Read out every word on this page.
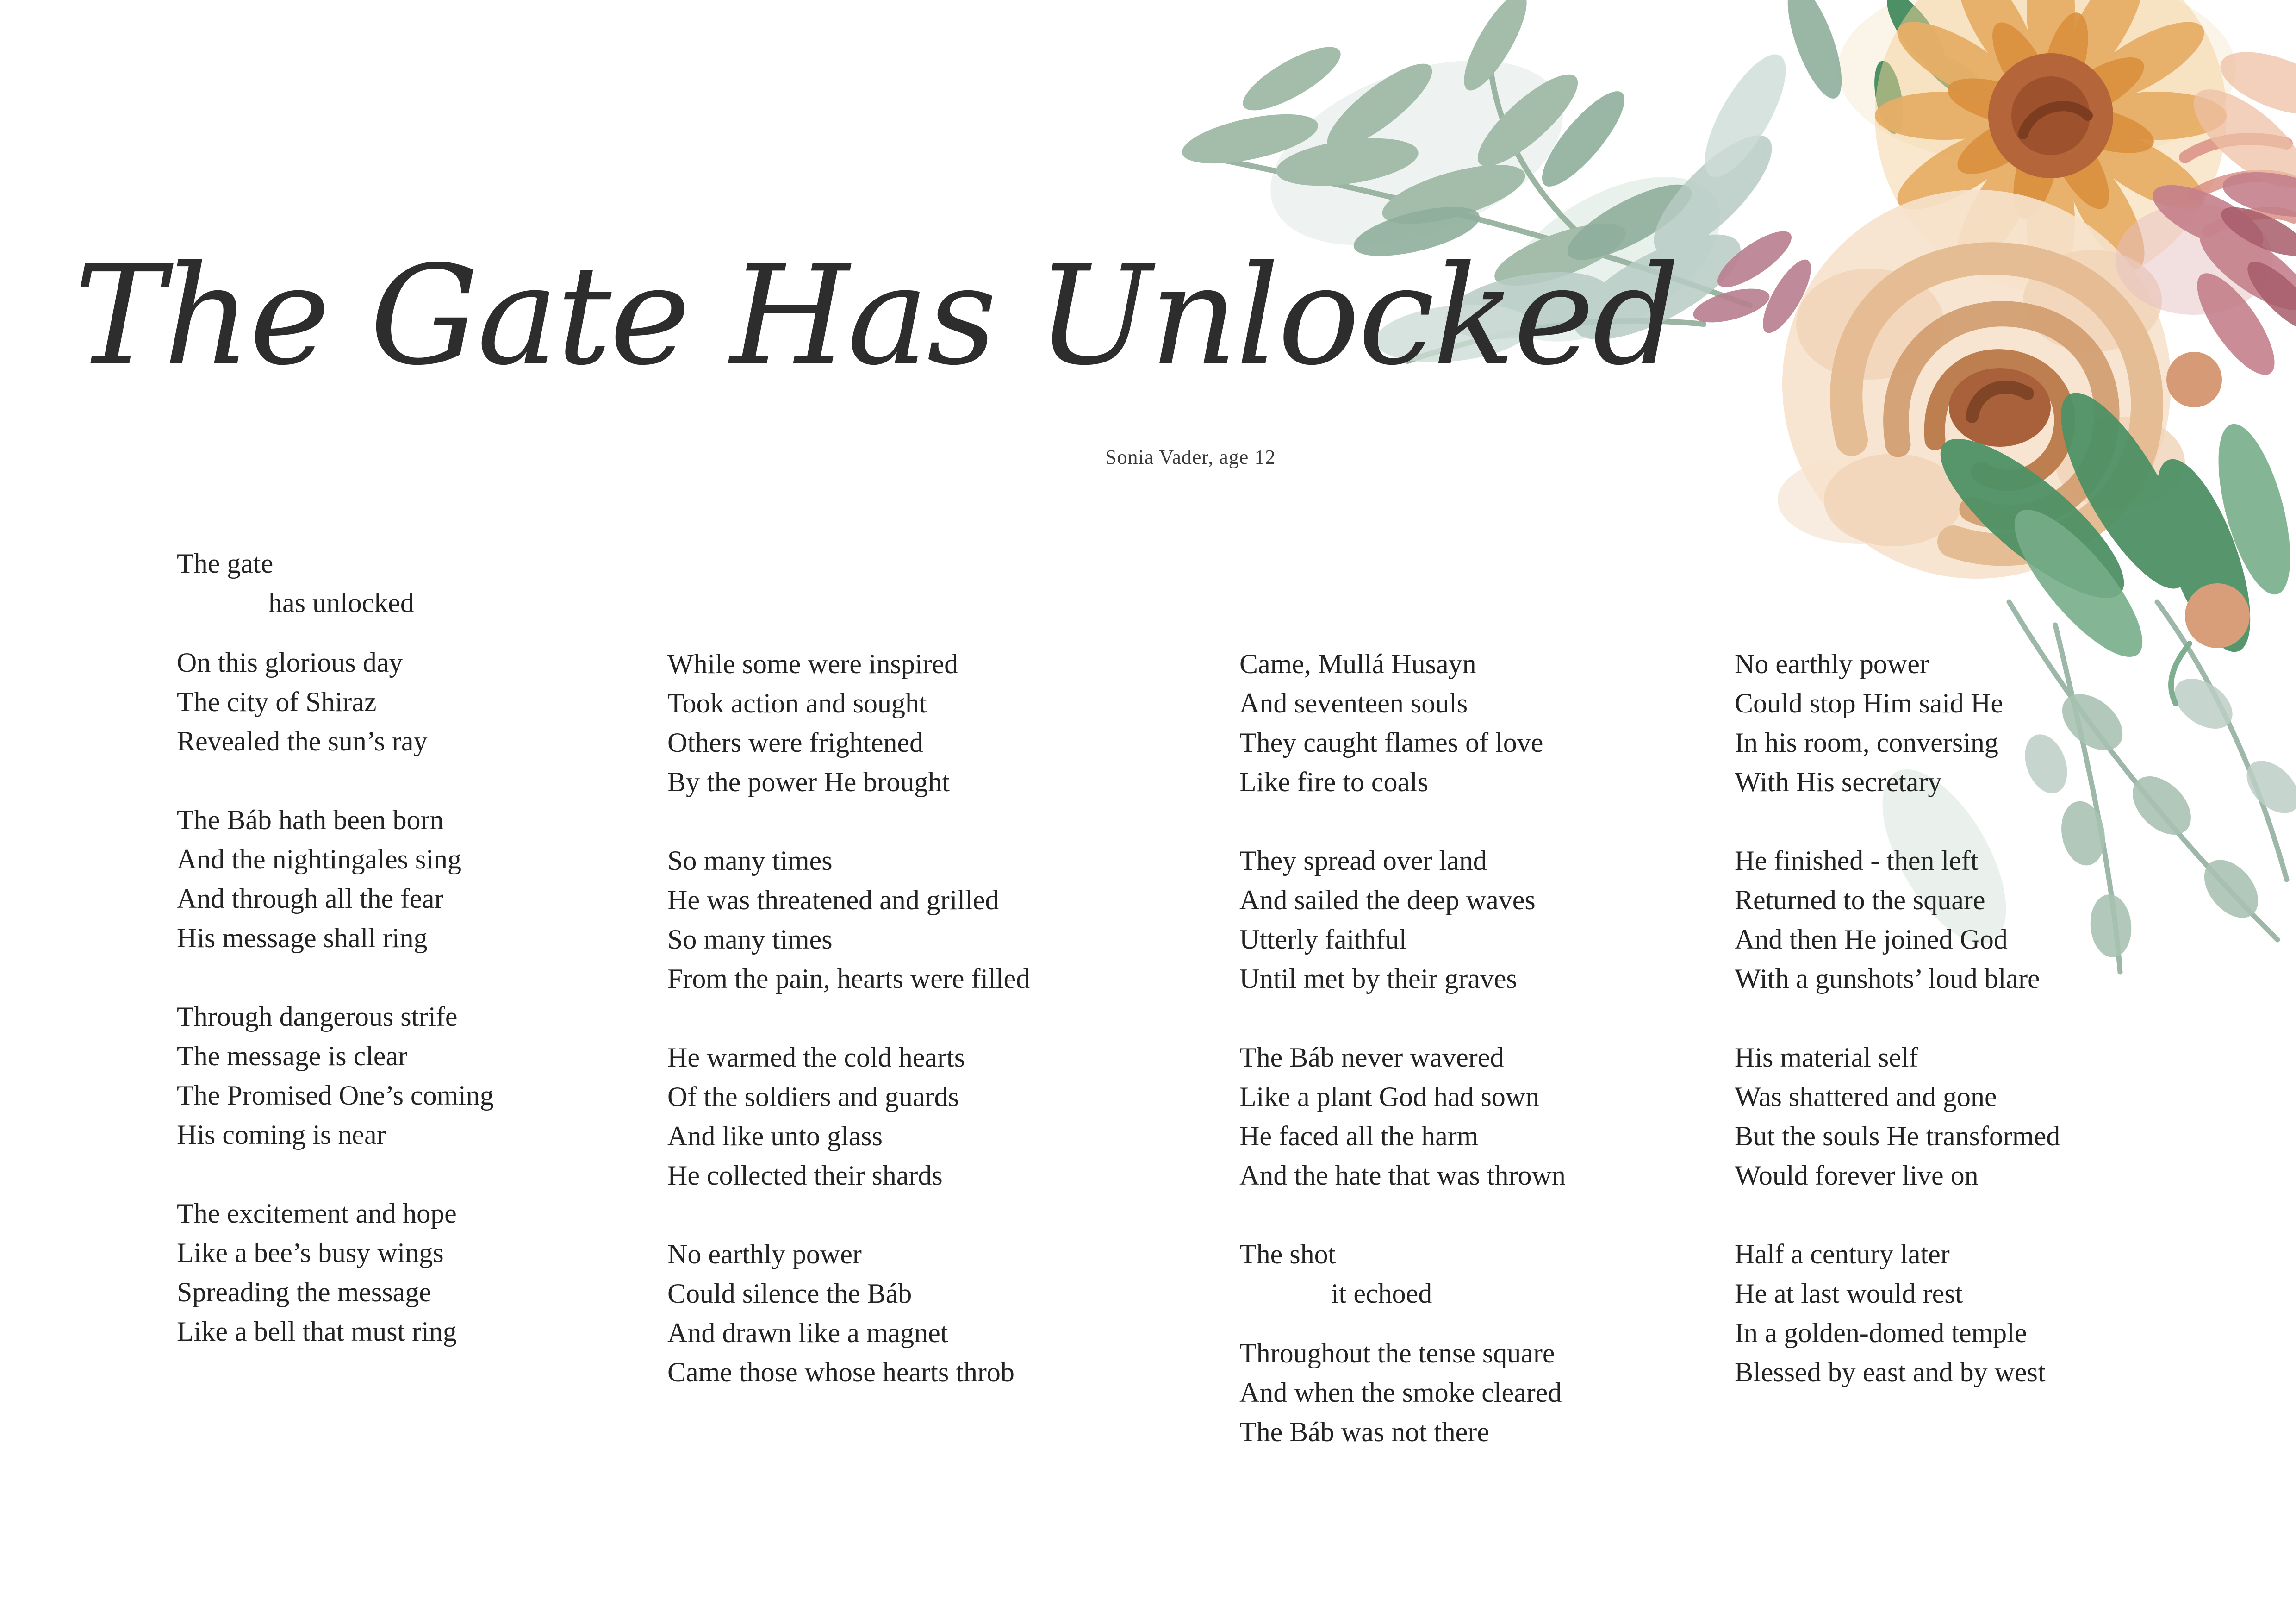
The Gate Has Unlocked
Sonia Vader, age 12
The gate
has unlocked
On this glorious day
The city of Shiraz
Revealed the sun’s ray
The Báb hath been born
And the nightingales sing
And through all the fear
His message shall ring
Through dangerous strife
The message is clear
The Promised One’s coming
His coming is near
The excitement and hope
Like a bee’s busy wings
Spreading the message
Like a bell that must ring
While some were inspired
Took action and sought
Others were frightened
By the power He brought
So many times
He was threatened and grilled
So many times
From the pain, hearts were filled
He warmed the cold hearts
Of the soldiers and guards
And like unto glass
He collected their shards
No earthly power
Could silence the Báb
And drawn like a magnet
Came those whose hearts throb
Came, Mullá Husayn
And seventeen souls
They caught flames of love
Like fire to coals
They spread over land
And sailed the deep waves
Utterly faithful
Until met by their graves
The Báb never wavered
Like a plant God had sown
He faced all the harm
And the hate that was thrown
The shot
it echoed
Throughout the tense square
And when the smoke cleared
The Báb was not there
No earthly power
Could stop Him said He
In his room, conversing
With His secretary
He finished - then left
Returned to the square
And then He joined God
With a gunshots’ loud blare
His material self
Was shattered and gone
But the souls He transformed
Would forever live on
Half a century later
He at last would rest
In a golden-domed temple
Blessed by east and by west
